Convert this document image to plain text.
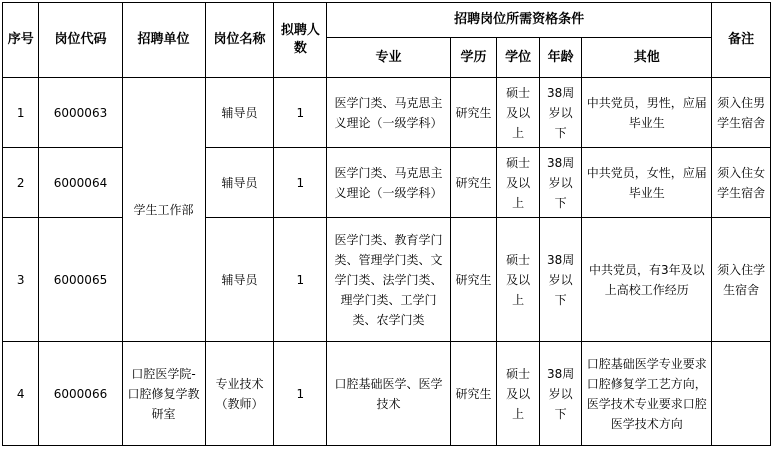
序号	岗位代码	招聘单位	岗位名称	拟聘人数	招聘岗位所需资格条件					备注
					专业	学历	学位	年龄	其他	
1	6000063	学生工作部	辅导员	1	医学门类、马克思主义理论（一级学科）	研究生	硕士及以上	38周岁以下	中共党员，男性，应届毕业生	须入住男学生宿舍
2	6000064		辅导员	1	医学门类、马克思主义理论（一级学科）	研究生	硕士及以上	38周岁以下	中共党员，女性，应届毕业生	须入住女学生宿舍
3	6000065		辅导员	1	医学门类、教育学门类、管理学门类、文学门类、法学门类、理学门类、工学门类、农学门类	研究生	硕士及以上	38周岁以下	中共党员，有3年及以上高校工作经历	须入住学生宿舍
4	6000066	口腔医学院-口腔修复学教研室	专业技术（教师）	1	口腔基础医学、医学技术	研究生	硕士及以上	38周岁以下	口腔基础医学专业要求口腔修复学工艺方向，医学技术专业要求口腔医学技术方向	
